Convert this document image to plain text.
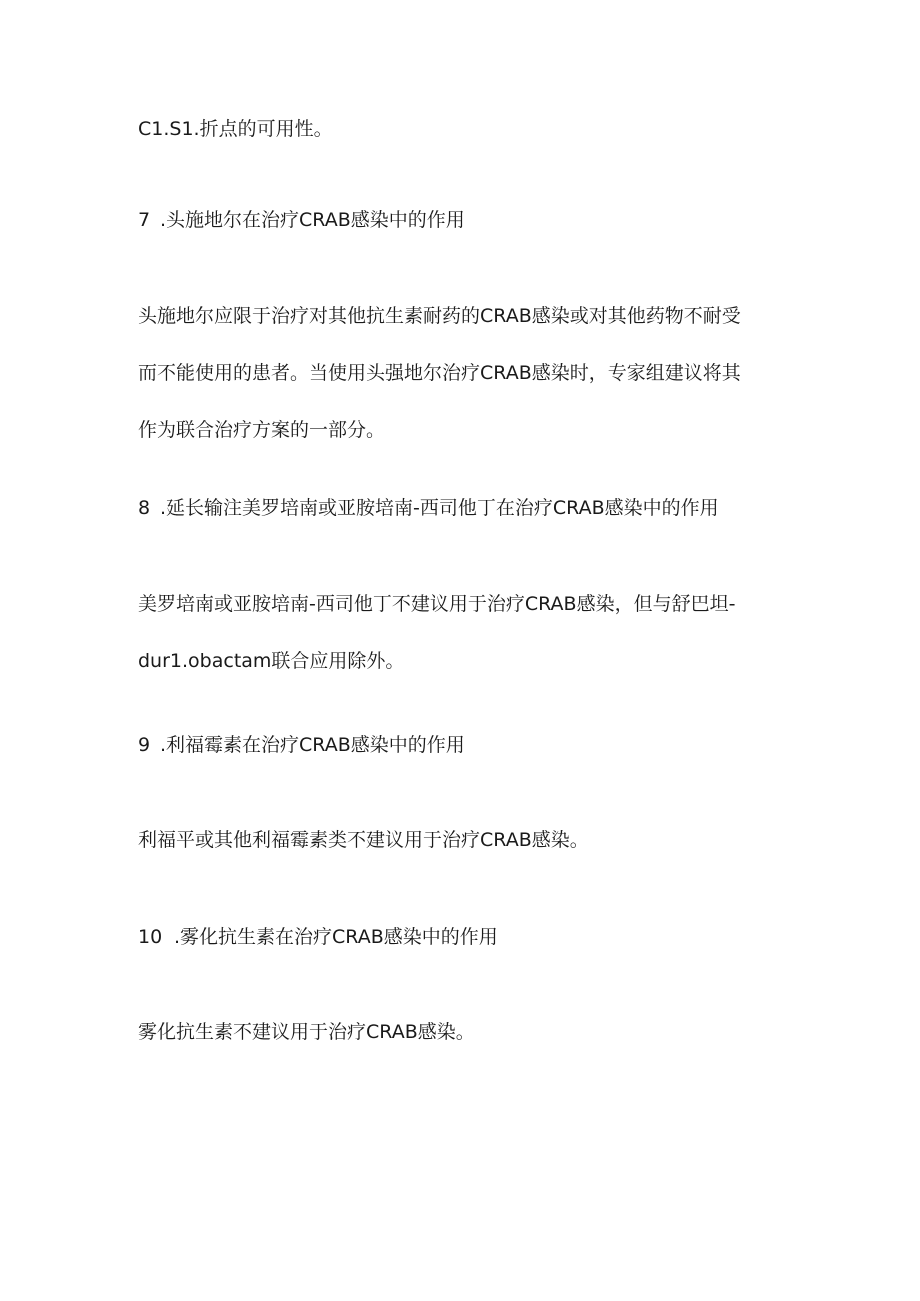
C1.S1.折点的可用性。
7 .头施地尔在治疗CRAB感染中的作用
头施地尔应限于治疗对其他抗生素耐药的CRAB感染或对其他药物不耐受
而不能使用的患者。当使用头强地尔治疗CRAB感染时，专家组建议将其
作为联合治疗方案的一部分。
8 .延长输注美罗培南或亚胺培南-西司他丁在治疗CRAB感染中的作用
美罗培南或亚胺培南-西司他丁不建议用于治疗CRAB感染，但与舒巴坦-
dur1.obactam联合应用除外。
9 .利福霉素在治疗CRAB感染中的作用
利福平或其他利福霉素类不建议用于治疗CRAB感染。
10 .雾化抗生素在治疗CRAB感染中的作用
雾化抗生素不建议用于治疗CRAB感染。
